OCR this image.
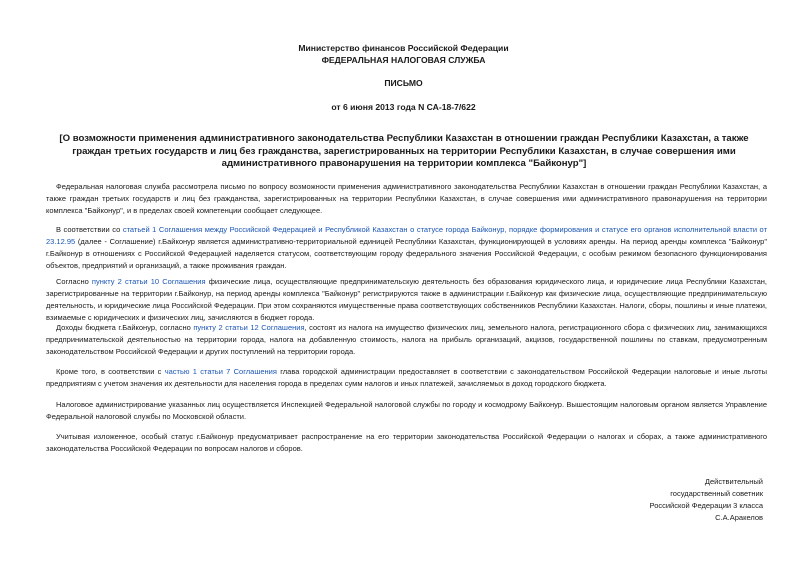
Министерство финансов Российской Федерации
ФЕДЕРАЛЬНАЯ НАЛОГОВАЯ СЛУЖБА
ПИСЬМО
от 6 июня 2013 года N СА-18-7/622
[О возможности применения административного законодательства Республики Казахстан в отношении граждан Республики Казахстан, а также граждан третьих государств и лиц без гражданства, зарегистрированных на территории Республики Казахстан, в случае совершения ими административного правонарушения на территории комплекса "Байконур"]

Федеральная налоговая служба рассмотрела письмо по вопросу возможности применения административного законодательства Республики Казахстан в отношении граждан Республики Казахстан, а также граждан третьих государств и лиц без гражданства, зарегистрированных на территории Республики Казахстан, в случае совершения ими административного правонарушения на территории комплекса "Байконур", и в пределах своей компетенции сообщает следующее.

В соответствии со статьей 1 Соглашения между Российской Федерацией и Республикой Казахстан о статусе города Байконур, порядке формирования и статусе его органов исполнительной власти от 23.12.95 (далее - Соглашение) г.Байконур является административно-территориальной единицей Республики Казахстан, функционирующей в условиях аренды. На период аренды комплекса "Байконур" г.Байконур в отношениях с Российской Федерацией наделяется статусом, соответствующим городу федерального значения Российской Федерации, с особым режимом безопасного функционирования объектов, предприятий и организаций, а также проживания граждан.

Согласно пункту 2 статьи 10 Соглашения физические лица, осуществляющие предпринимательскую деятельность без образования юридического лица, и юридические лица Республики Казахстан, зарегистрированные на территории г.Байконур, на период аренды комплекса "Байконур" регистрируются также в администрации г.Байконур как физические лица, осуществляющие предпринимательскую деятельность, и юридические лица Российской Федерации. При этом сохраняются имущественные права соответствующих собственников Республики Казахстан. Налоги, сборы, пошлины и иные платежи, взимаемые с юридических и физических лиц, зачисляются в бюджет города.

Доходы бюджета г.Байконур, согласно пункту 2 статьи 12 Соглашения, состоят из налога на имущество физических лиц, земельного налога, регистрационного сбора с физических лиц, занимающихся предпринимательской деятельностью на территории города, налога на добавленную стоимость, налога на прибыль организаций, акцизов, государственной пошлины по ставкам, предусмотренным законодательством Российской Федерации и других поступлений на территории города.

Кроме того, в соответствии с частью 1 статьи 7 Соглашения глава городской администрации предоставляет в соответствии с законодательством Российской Федерации налоговые и иные льготы предприятиям с учетом значения их деятельности для населения города в пределах сумм налогов и иных платежей, зачисляемых в доход городского бюджета.

Налоговое администрирование указанных лиц осуществляется Инспекцией Федеральной налоговой службы по городу и космодрому Байконур. Вышестоящим налоговым органом является Управление Федеральной налоговой службы по Московской области.

Учитывая изложенное, особый статус г.Байконур предусматривает распространение на его территории законодательства Российской Федерации о налогах и сборах, а также административного законодательства Российской Федерации по вопросам налогов и сборов.

Действительный
государственный советник
Российской Федерации 3 класса
С.А.Аракелов
